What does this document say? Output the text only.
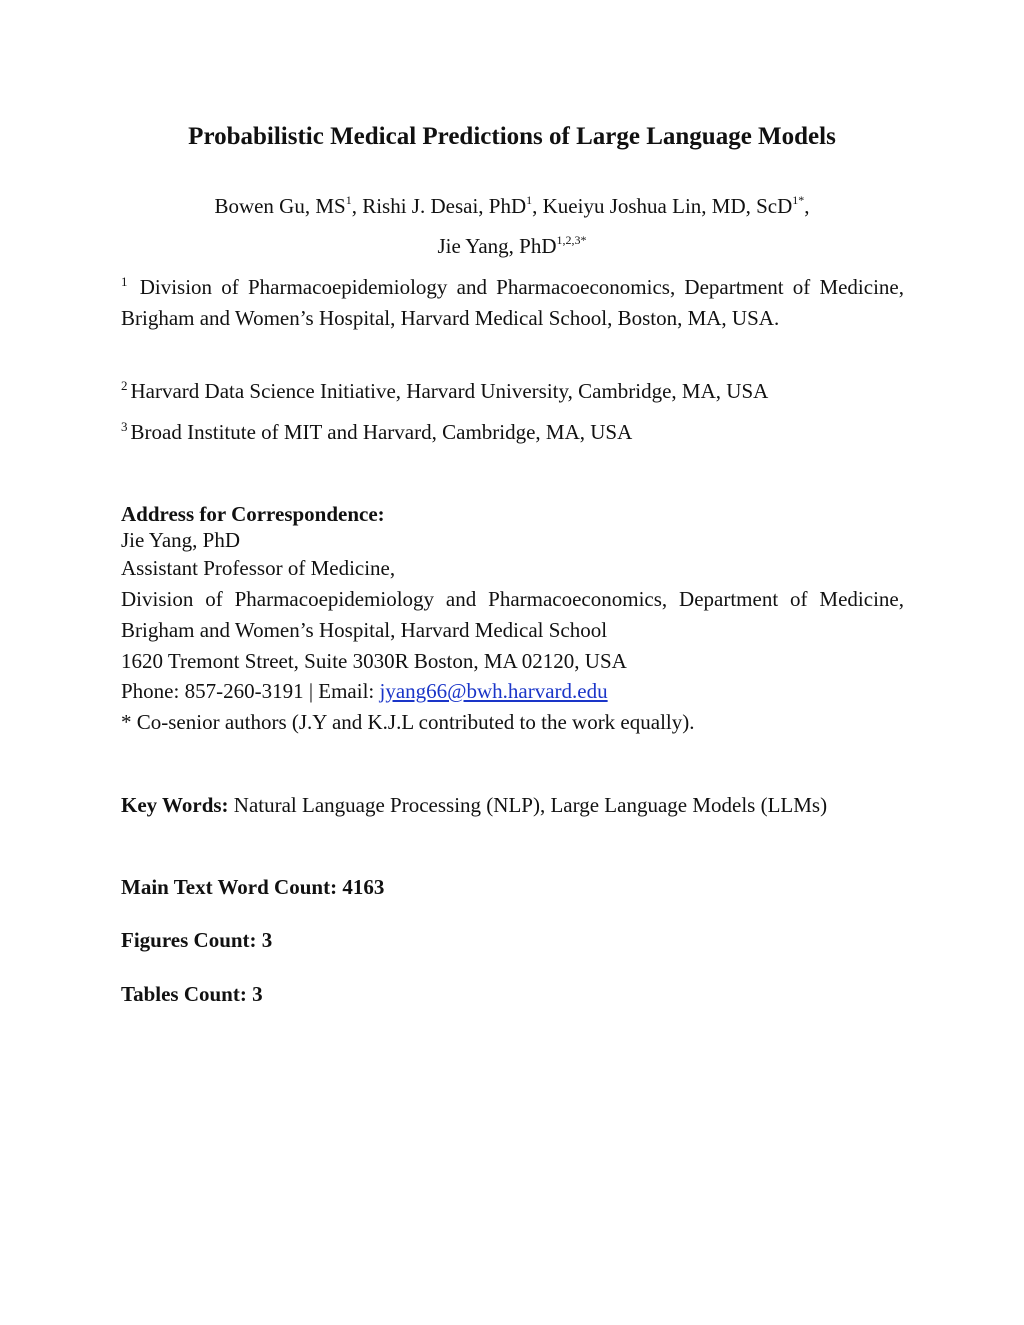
Probabilistic Medical Predictions of Large Language Models
Bowen Gu, $MS^1$, Rishi J. Desai, PhD$^1$, Kueiyu Joshua Lin, MD, ScD$^{1*}$,
Jie Yang, PhD$^{1,2,3*}$
$^1$ Division of Pharmacoepidemiology and Pharmacoeconomics, Department of Medicine, Brigham and Women’s Hospital, Harvard Medical School, Boston, MA, USA.
$^2$ Harvard Data Science Initiative, Harvard University, Cambridge, MA, USA
$^3$ Broad Institute of MIT and Harvard, Cambridge, MA, USA
Address for Correspondence:
Jie Yang, PhD
Assistant Professor of Medicine,
Division of Pharmacoepidemiology and Pharmacoeconomics, Department of Medicine, Brigham and Women’s Hospital, Harvard Medical School
1620 Tremont Street, Suite 3030R Boston, MA 02120, USA
Phone: 857-260-3191 | Email: jyang66@bwh.harvard.edu
* Co-senior authors (J.Y and K.J.L contributed to the work equally).
Key Words: Natural Language Processing (NLP), Large Language Models (LLMs)
Main Text Word Count: 4163
Figures Count: 3
Tables Count: 3
